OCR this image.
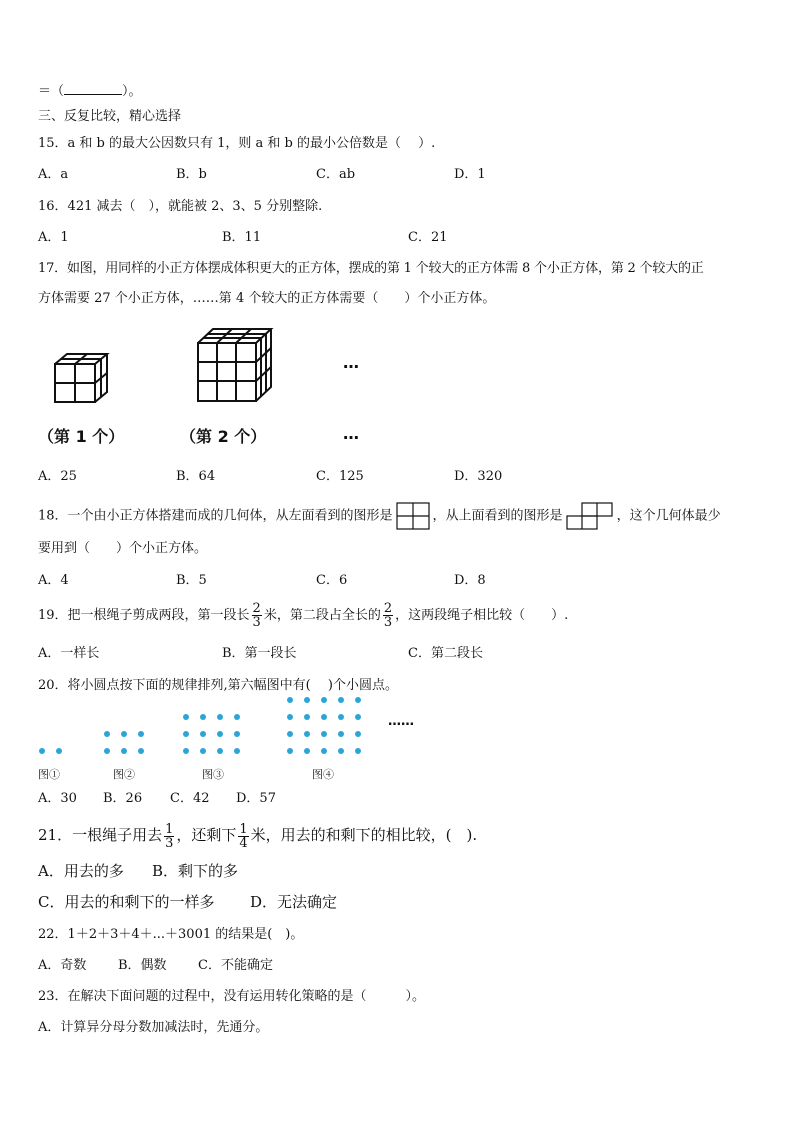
＝（	）。
三、反复比较，精心选择
15．a 和 b 的最大公因数只有 1，则 a 和 b 的最小公倍数是（　 ）.
A．a	B．b	C．ab	D．1
16．421 减去（　），就能被 2、3、5 分别整除.
A．1	B．11	C．21
17．如图，用同样的小正方体摆成体积更大的正方体，摆成的第 1 个较大的正方体需 8 个小正方体，第 2 个较大的正
方体需要 27 个小正方体，……第 4 个较大的正方体需要（　　）个小正方体。
…
（第 1 个）	（第 2 个）	…
A．25	B．64	C．125	D．320
18．一个由小正方体搭建而成的几何体，从左面看到的图形是	，从上面看到的图形是	，这个几何体最少
要用到（　　）个小正方体。
A．4	B．5	C．6	D．8
19．把一根绳子剪成两段，第一段长 $\frac{2}{3}$ 米，第二段占全长的 $\frac{2}{3}$ ，这两段绳子相比较（　　）.
A．一样长	B．第一段长	C．第二段长
20．将小圆点按下面的规律排列,第六幅图中有(　 )个小圆点。
……
图①	图②	图③	图④
A．30 B．26 C．42 D．57
21．一根绳子用去 $\frac{1}{3}$ ，还剩下 $\frac{1}{4}$ 米，用去的和剩下的相比较，(　).
A．用去的多 B．剩下的多
C．用去的和剩下的一样多 D．无法确定
22．1＋2＋3＋4＋...＋3001 的结果是(　)。
A．奇数 B．偶数 C．不能确定
23．在解决下面问题的过程中，没有运用转化策略的是（　　　）。
A．计算异分母分数加减法时，先通分。
